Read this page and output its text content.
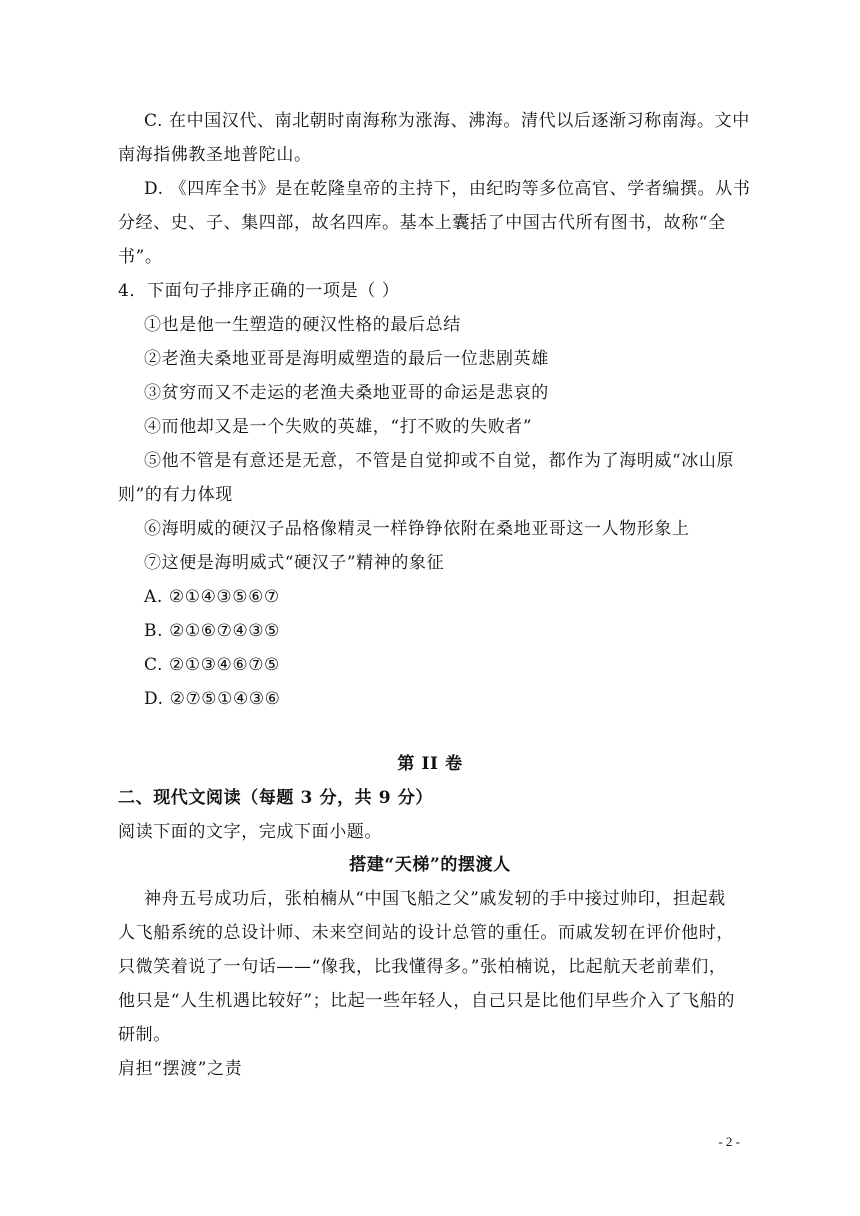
C. 在中国汉代、南北朝时南海称为涨海、沸海。清代以后逐渐习称南海。文中
南海指佛教圣地普陀山。
D. 《四库全书》是在乾隆皇帝的主持下，由纪昀等多位高官、学者编撰。从书
分经、史、子、集四部，故名四库。基本上囊括了中国古代所有图书，故称“全
书”。
4．下面句子排序正确的一项是（ ）
①也是他一生塑造的硬汉性格的最后总结
②老渔夫桑地亚哥是海明威塑造的最后一位悲剧英雄
③贫穷而又不走运的老渔夫桑地亚哥的命运是悲哀的
④而他却又是一个失败的英雄，“打不败的失败者”
⑤他不管是有意还是无意，不管是自觉抑或不自觉，都作为了海明威“冰山原
则”的有力体现
⑥海明威的硬汉子品格像精灵一样铮铮依附在桑地亚哥这一人物形象上
⑦这便是海明威式“硬汉子”精神的象征
A. ②①④③⑤⑥⑦
B. ②①⑥⑦④③⑤
C. ②①③④⑥⑦⑤
D. ②⑦⑤①④③⑥
第 II 卷
二、现代文阅读（每题 3 分，共 9 分）
阅读下面的文字，完成下面小题。
搭建“天梯”的摆渡人
神舟五号成功后，张柏楠从“中国飞船之父”戚发轫的手中接过帅印，担起载
人飞船系统的总设计师、未来空间站的设计总管的重任。而戚发轫在评价他时，
只微笑着说了一句话——“像我，比我懂得多。”张柏楠说，比起航天老前辈们，
他只是“人生机遇比较好”；比起一些年轻人，自己只是比他们早些介入了飞船的
研制。
肩担“摆渡”之责
- 2 -
